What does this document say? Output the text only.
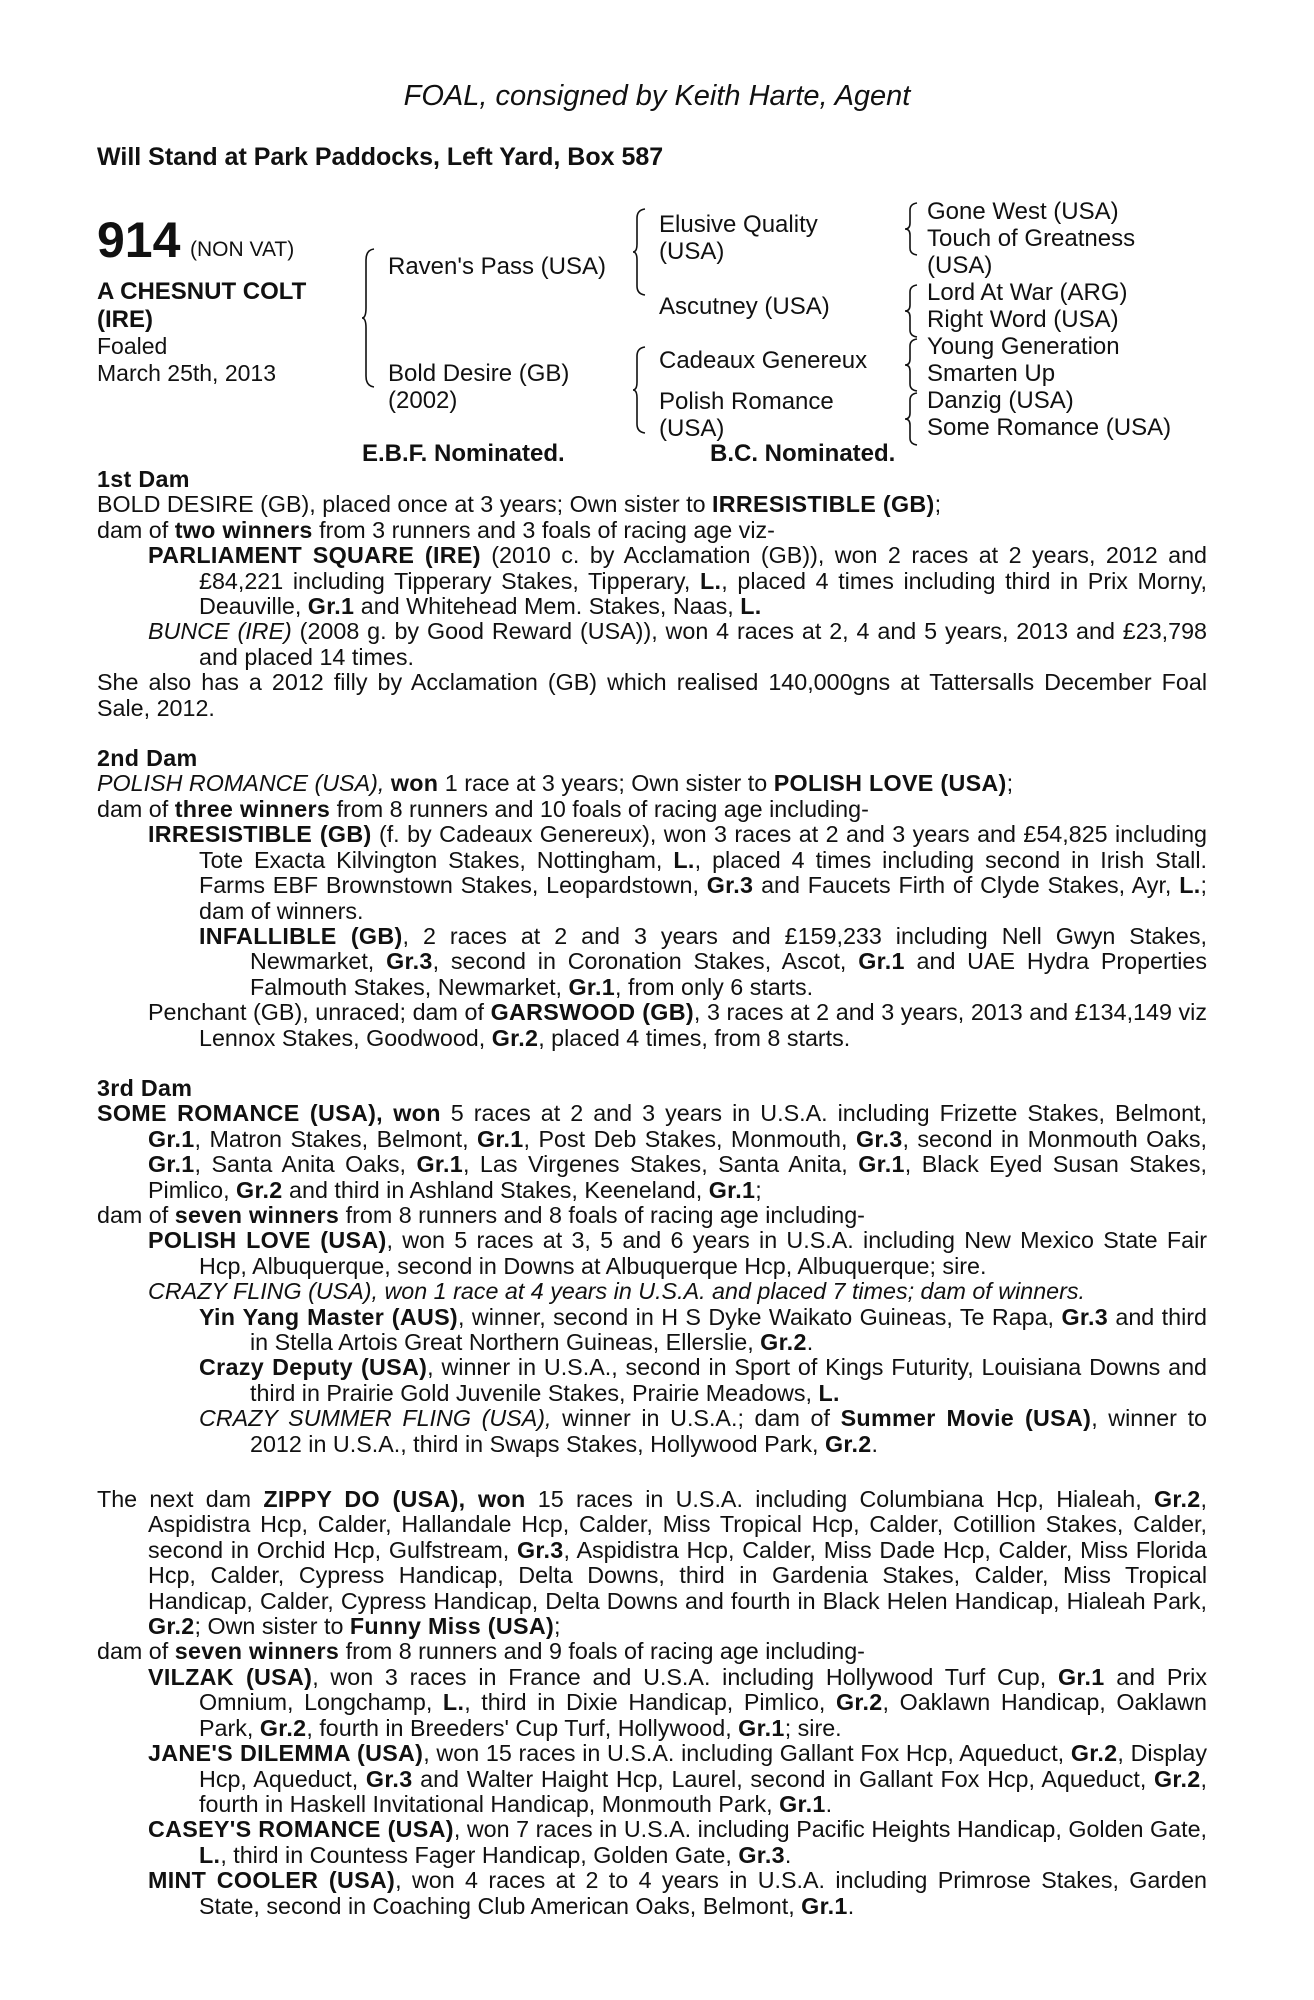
FOAL, consigned by Keith Harte, Agent
Will Stand at Park Paddocks, Left Yard, Box 587
914 (NON VAT)
A CHESNUT COLT
(IRE)
Foaled
March 25th, 2013
Raven's Pass (USA)
Bold Desire (GB)
(2002)
Elusive Quality
(USA)
Ascutney (USA)
Cadeaux Genereux
Polish Romance
(USA)
Gone West (USA)
Touch of Greatness
(USA)
Lord At War (ARG)
Right Word (USA)
Young Generation
Smarten Up
Danzig (USA)
Some Romance (USA)
E.B.F. Nominated.	B.C. Nominated.

1st Dam

BOLD DESIRE (GB), placed once at 3 years; Own sister to IRRESISTIBLE (GB);

dam of two winners from 3 runners and 3 foals of racing age viz-

PARLIAMENT SQUARE (IRE) (2010 c. by Acclamation (GB)), won 2 races at 2 years, 2012 and £84,221 including Tipperary Stakes, Tipperary, L., placed 4 times including third in Prix Morny, Deauville, Gr.1 and Whitehead Mem. Stakes, Naas, L.

BUNCE (IRE) (2008 g. by Good Reward (USA)), won 4 races at 2, 4 and 5 years, 2013 and £23,798 and placed 14 times.

She also has a 2012 filly by Acclamation (GB) which realised 140,000gns at Tattersalls December Foal Sale, 2012.

2nd Dam

POLISH ROMANCE (USA), won 1 race at 3 years; Own sister to POLISH LOVE (USA);

dam of three winners from 8 runners and 10 foals of racing age including-

IRRESISTIBLE (GB) (f. by Cadeaux Genereux), won 3 races at 2 and 3 years and £54,825 including Tote Exacta Kilvington Stakes, Nottingham, L., placed 4 times including second in Irish Stall. Farms EBF Brownstown Stakes, Leopardstown, Gr.3 and Faucets Firth of Clyde Stakes, Ayr, L.; dam of winners.

INFALLIBLE (GB), 2 races at 2 and 3 years and £159,233 including Nell Gwyn Stakes, Newmarket, Gr.3, second in Coronation Stakes, Ascot, Gr.1 and UAE Hydra Properties Falmouth Stakes, Newmarket, Gr.1, from only 6 starts.

Penchant (GB), unraced; dam of GARSWOOD (GB), 3 races at 2 and 3 years, 2013 and £134,149 viz Lennox Stakes, Goodwood, Gr.2, placed 4 times, from 8 starts.

3rd Dam

SOME ROMANCE (USA), won 5 races at 2 and 3 years in U.S.A. including Frizette Stakes, Belmont, Gr.1, Matron Stakes, Belmont, Gr.1, Post Deb Stakes, Monmouth, Gr.3, second in Monmouth Oaks, Gr.1, Santa Anita Oaks, Gr.1, Las Virgenes Stakes, Santa Anita, Gr.1, Black Eyed Susan Stakes, Pimlico, Gr.2 and third in Ashland Stakes, Keeneland, Gr.1;

dam of seven winners from 8 runners and 8 foals of racing age including-

POLISH LOVE (USA), won 5 races at 3, 5 and 6 years in U.S.A. including New Mexico State Fair Hcp, Albuquerque, second in Downs at Albuquerque Hcp, Albuquerque; sire.

CRAZY FLING (USA), won 1 race at 4 years in U.S.A. and placed 7 times; dam of winners.

Yin Yang Master (AUS), winner, second in H S Dyke Waikato Guineas, Te Rapa, Gr.3 and third in Stella Artois Great Northern Guineas, Ellerslie, Gr.2.

Crazy Deputy (USA), winner in U.S.A., second in Sport of Kings Futurity, Louisiana Downs and third in Prairie Gold Juvenile Stakes, Prairie Meadows, L.

CRAZY SUMMER FLING (USA), winner in U.S.A.; dam of Summer Movie (USA), winner to 2012 in U.S.A., third in Swaps Stakes, Hollywood Park, Gr.2.

The next dam ZIPPY DO (USA), won 15 races in U.S.A. including Columbiana Hcp, Hialeah, Gr.2, Aspidistra Hcp, Calder, Hallandale Hcp, Calder, Miss Tropical Hcp, Calder, Cotillion Stakes, Calder, second in Orchid Hcp, Gulfstream, Gr.3, Aspidistra Hcp, Calder, Miss Dade Hcp, Calder, Miss Florida Hcp, Calder, Cypress Handicap, Delta Downs, third in Gardenia Stakes, Calder, Miss Tropical Handicap, Calder, Cypress Handicap, Delta Downs and fourth in Black Helen Handicap, Hialeah Park, Gr.2; Own sister to Funny Miss (USA);

dam of seven winners from 8 runners and 9 foals of racing age including-

VILZAK (USA), won 3 races in France and U.S.A. including Hollywood Turf Cup, Gr.1 and Prix Omnium, Longchamp, L., third in Dixie Handicap, Pimlico, Gr.2, Oaklawn Handicap, Oaklawn Park, Gr.2, fourth in Breeders' Cup Turf, Hollywood, Gr.1; sire.

JANE'S DILEMMA (USA), won 15 races in U.S.A. including Gallant Fox Hcp, Aqueduct, Gr.2, Display Hcp, Aqueduct, Gr.3 and Walter Haight Hcp, Laurel, second in Gallant Fox Hcp, Aqueduct, Gr.2, fourth in Haskell Invitational Handicap, Monmouth Park, Gr.1.

CASEY'S ROMANCE (USA), won 7 races in U.S.A. including Pacific Heights Handicap, Golden Gate, L., third in Countess Fager Handicap, Golden Gate, Gr.3.

MINT COOLER (USA), won 4 races at 2 to 4 years in U.S.A. including Primrose Stakes, Garden State, second in Coaching Club American Oaks, Belmont, Gr.1.
